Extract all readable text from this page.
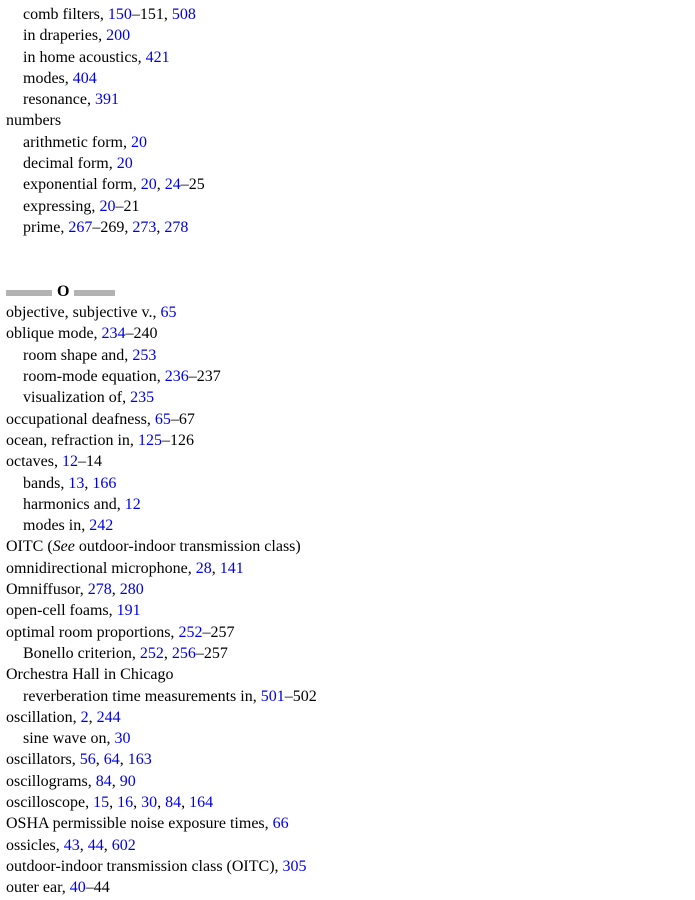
comb filters, 150–151, 508
in draperies, 200
in home acoustics, 421
modes, 404
resonance, 391
numbers
arithmetic form, 20
decimal form, 20
exponential form, 20, 24–25
expressing, 20–21
prime, 267–269, 273, 278
O
objective, subjective v., 65
oblique mode, 234–240
room shape and, 253
room-mode equation, 236–237
visualization of, 235
occupational deafness, 65–67
ocean, refraction in, 125–126
octaves, 12–14
bands, 13, 166
harmonics and, 12
modes in, 242
OITC (See outdoor-indoor transmission class)
omnidirectional microphone, 28, 141
Omniffusor, 278, 280
open-cell foams, 191
optimal room proportions, 252–257
Bonello criterion, 252, 256–257
Orchestra Hall in Chicago
reverberation time measurements in, 501–502
oscillation, 2, 244
sine wave on, 30
oscillators, 56, 64, 163
oscillograms, 84, 90
oscilloscope, 15, 16, 30, 84, 164
OSHA permissible noise exposure times, 66
ossicles, 43, 44, 602
outdoor-indoor transmission class (OITC), 305
outer ear, 40–44
